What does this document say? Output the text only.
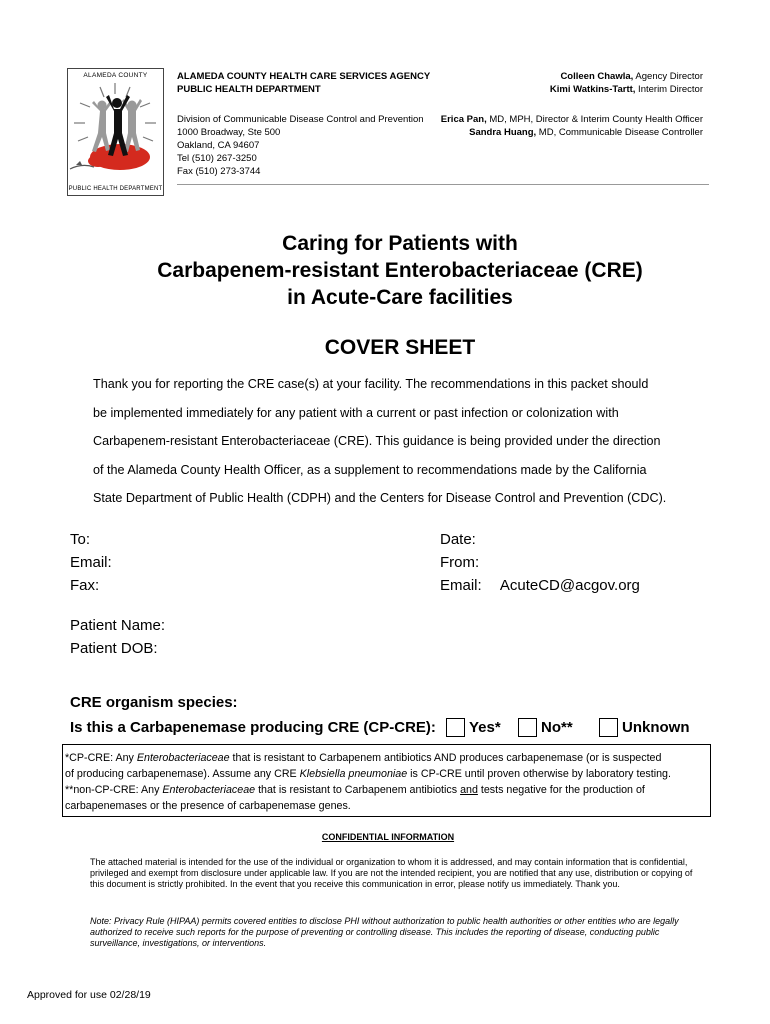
ALAMEDA COUNTY
PUBLIC HEALTH DEPARTMENT
ALAMEDA COUNTY HEALTH CARE SERVICES AGENCY
PUBLIC HEALTH DEPARTMENT
Division of Communicable Disease Control and Prevention
1000 Broadway, Ste 500
Oakland, CA 94607
Tel (510) 267-3250
Fax (510) 273-3744
Colleen Chawla, Agency Director
Kimi Watkins-Tartt, Interim Director
Erica Pan, MD, MPH, Director & Interim County Health Officer
Sandra Huang, MD, Communicable Disease Controller
Caring for Patients with
Carbapenem-resistant Enterobacteriaceae (CRE)
in Acute-Care facilities
COVER SHEET
Thank you for reporting the CRE case(s) at your facility. The recommendations in this packet should
be implemented immediately for any patient with a current or past infection or colonization with
Carbapenem-resistant Enterobacteriaceae (CRE). This guidance is being provided under the direction
of the Alameda County Health Officer, as a supplement to recommendations made by the California
State Department of Public Health (CDPH) and the Centers for Disease Control and Prevention (CDC).
To:
Email:
Fax:
Date:
From:
Email: AcuteCD@acgov.org
Patient Name:
Patient DOB:
CRE organism species:
Is this a Carbapenemase producing CRE (CP-CRE): Yes*	No**	Unknown
*CP-CRE: Any Enterobacteriaceae that is resistant to Carbapenem antibiotics AND produces carbapenemase (or is suspected
of producing carbapenemase). Assume any CRE Klebsiella pneumoniae is CP-CRE until proven otherwise by laboratory testing.
**non-CP-CRE: Any Enterobacteriaceae that is resistant to Carbapenem antibiotics and tests negative for the production of
carbapenemases or the presence of carbapenemase genes.
CONFIDENTIAL INFORMATION
The attached material is intended for the use of the individual or organization to whom it is addressed, and may contain information that is confidential, privileged and exempt from disclosure under applicable law. If you are not the intended recipient, you are notified that any use, distribution or copying of this document is strictly prohibited. In the event that you receive this communication in error, please notify us immediately. Thank you.
Note: Privacy Rule (HIPAA) permits covered entities to disclose PHI without authorization to public health authorities or other entities who are legally authorized to receive such reports for the purpose of preventing or controlling disease. This includes the reporting of disease, conducting public surveillance, investigations, or interventions.
Approved for use 02/28/19
